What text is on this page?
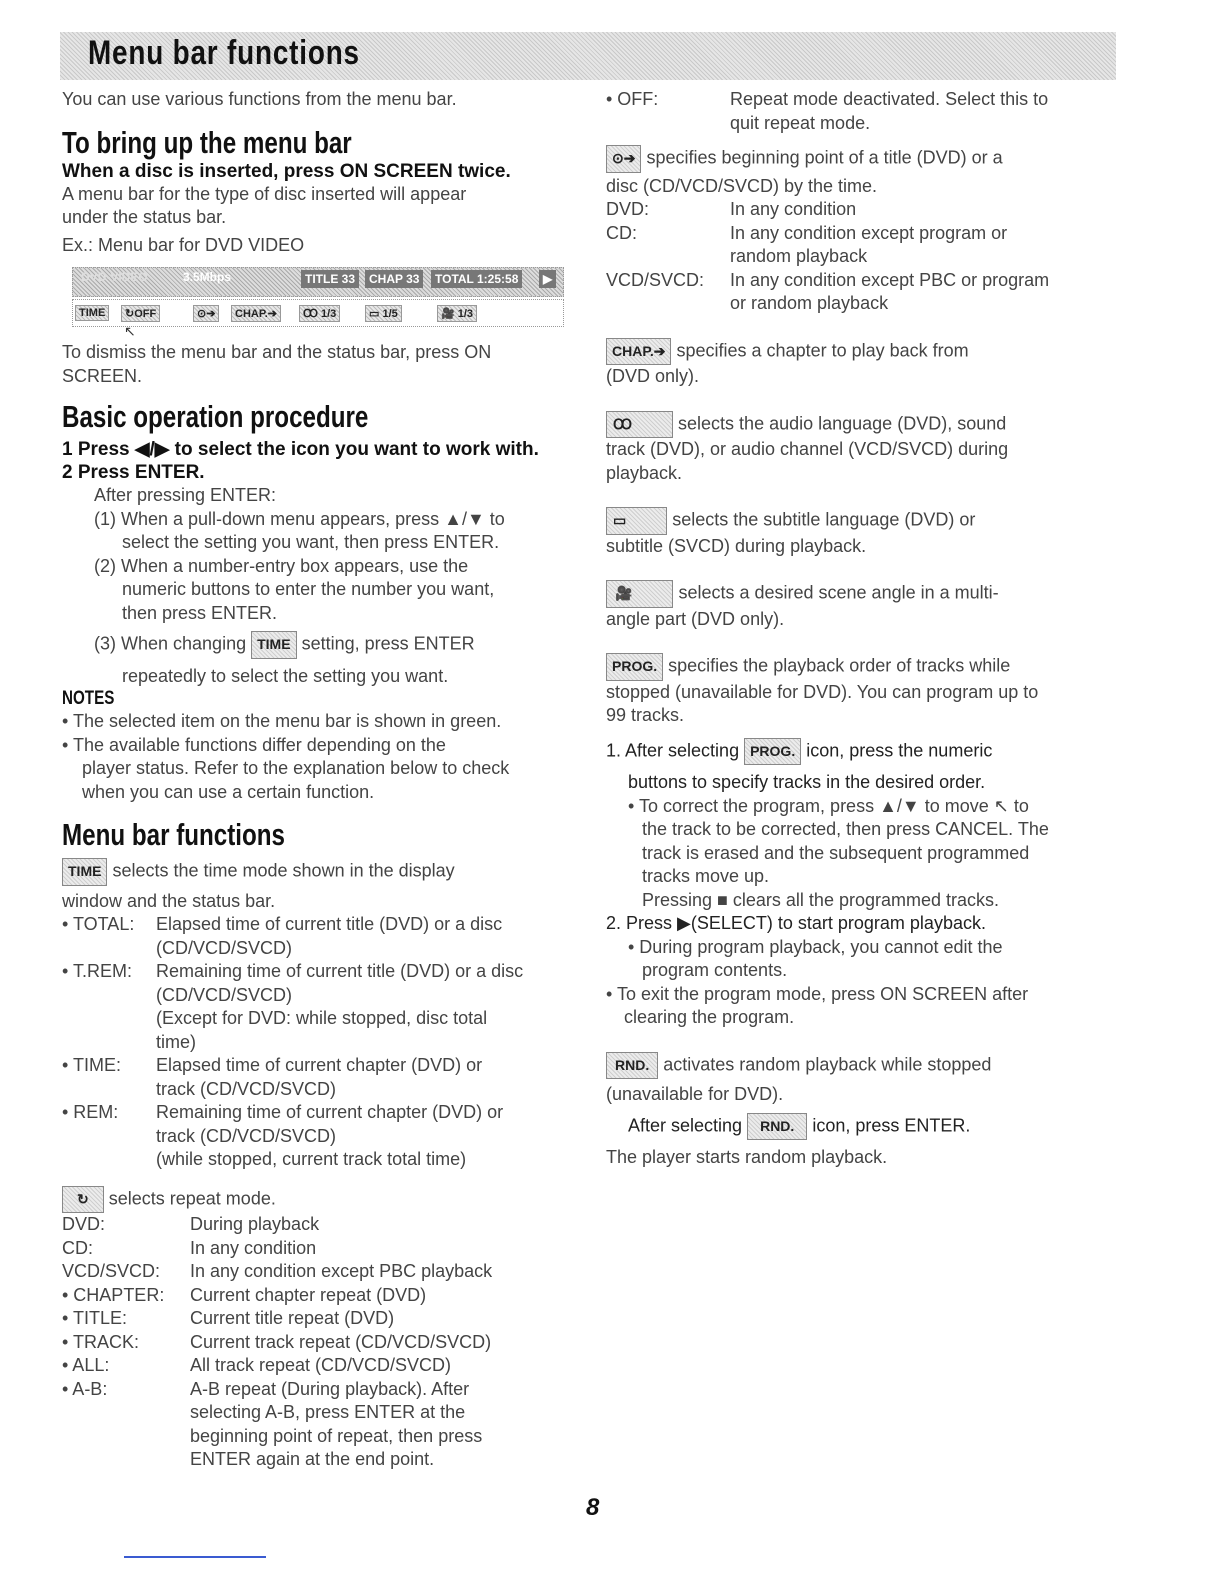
Menu bar functions

You can use various functions from the menu bar.

To bring up the menu bar
When a disc is inserted, press ON SCREEN twice.

A menu bar for the type of disc inserted will appear

under the status bar.

Ex.: Menu bar for DVD VIDEO

DVD-VIDEO	3.5Mbps	TITLE 33	CHAP 33	TOTAL 1:25:58	▶
TIME	↻OFF	⊙➔	CHAP.➔	Ꝏ 1/3	▭ 1/5	🎥 1/3
↖

To dismiss the menu bar and the status bar, press ON

SCREEN.

Basic operation procedure
1 Press ◀/▶ to select the icon you want to work with.
2 Press ENTER.

After pressing ENTER:

(1) When a pull-down menu appears, press ▲/▼ to

select the setting you want, then press ENTER.

(2) When a number-entry box appears, use the

numeric buttons to enter the number you want,

then press ENTER.

(3) When changing TIME setting, press ENTER

repeatedly to select the setting you want.

NOTES

• The selected item on the menu bar is shown in green.

• The available functions differ depending on the

player status. Refer to the explanation below to check

when you can use a certain function.

Menu bar functions

TIME selects the time mode shown in the display

window and the status bar.

• TOTAL:	Elapsed time of current title (DVD) or a disc
(CD/VCD/SVCD)
• T.REM:	Remaining time of current title (DVD) or a disc
(CD/VCD/SVCD)
(Except for DVD: while stopped, disc total
time)
• TIME:	Elapsed time of current chapter (DVD) or
track (CD/VCD/SVCD)
• REM:	Remaining time of current chapter (DVD) or
track (CD/VCD/SVCD)
(while stopped, current track total time)

↻ selects repeat mode.

DVD:	During playback
CD:	In any condition
VCD/SVCD:	In any condition except PBC playback
• CHAPTER:	Current chapter repeat (DVD)
• TITLE:	Current title repeat (DVD)
• TRACK:	Current track repeat (CD/VCD/SVCD)
• ALL:	All track repeat (CD/VCD/SVCD)
• A-B:	A-B repeat (During playback). After
selecting A-B, press ENTER at the
beginning point of repeat, then press
ENTER again at the end point.
• OFF:	Repeat mode deactivated. Select this to
quit repeat mode.

⊙➔ specifies beginning point of a title (DVD) or a

disc (CD/VCD/SVCD) by the time.

DVD:	In any condition
CD:	In any condition except program or
random playback
VCD/SVCD:	In any condition except PBC or program
or random playback

CHAP.➔ specifies a chapter to play back from

(DVD only).

Ꝏ	selects the audio language (DVD), sound

track (DVD), or audio channel (VCD/SVCD) during

playback.

▭	selects the subtitle language (DVD) or

subtitle (SVCD) during playback.

🎥	selects a desired scene angle in a multi-

angle part (DVD only).

PROG. specifies the playback order of tracks while

stopped (unavailable for DVD). You can program up to

99 tracks.

1. After selecting PROG. icon, press the numeric

buttons to specify tracks in the desired order.

• To correct the program, press ▲/▼ to move ↖ to

the track to be corrected, then press CANCEL. The

track is erased and the subsequent programmed

tracks move up.

Pressing ■ clears all the programmed tracks.

2. Press ▶(SELECT) to start program playback.

• During program playback, you cannot edit the

program contents.

• To exit the program mode, press ON SCREEN after

clearing the program.

RND. activates random playback while stopped

(unavailable for DVD).

After selecting RND. icon, press ENTER.

The player starts random playback.

8
